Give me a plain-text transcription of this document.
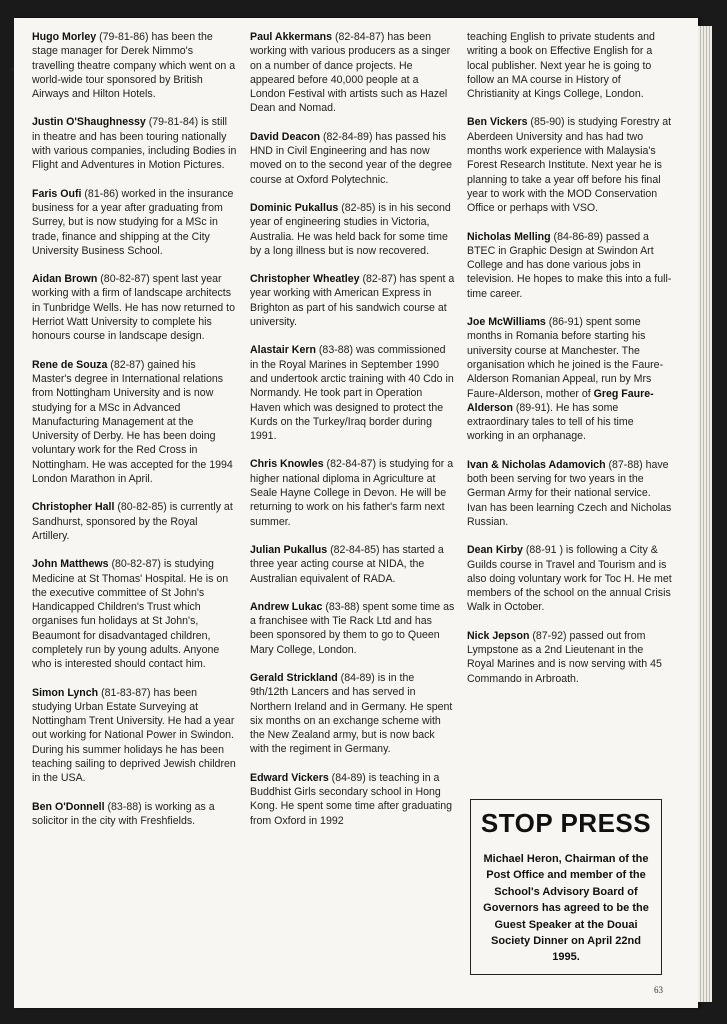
Hugo Morley (79-81-86) has been the stage manager for Derek Nimmo's travelling theatre company which went on a world-wide tour sponsored by British Airways and Hilton Hotels.

Justin O'Shaughnessy (79-81-84) is still in theatre and has been touring nationally with various companies, including Bodies in Flight and Adventures in Motion Pictures.

Faris Oufi (81-86) worked in the insurance business for a year after graduating from Surrey, but is now studying for a MSc in trade, finance and shipping at the City University Business School.

Aidan Brown (80-82-87) spent last year working with a firm of landscape architects in Tunbridge Wells. He has now returned to Herriot Watt University to complete his honours course in landscape design.

Rene de Souza (82-87) gained his Master's degree in International relations from Nottingham University and is now studying for a MSc in Advanced Manufacturing Management at the University of Derby. He has been doing voluntary work for the Red Cross in Nottingham. He was accepted for the 1994 London Marathon in April.

Christopher Hall (80-82-85) is currently at Sandhurst, sponsored by the Royal Artillery.

John Matthews (80-82-87) is studying Medicine at St Thomas' Hospital. He is on the executive committee of St John's Handicapped Children's Trust which organises fun holidays at St John's, Beaumont for disadvantaged children, completely run by young adults. Anyone who is interested should contact him.

Simon Lynch (81-83-87) has been studying Urban Estate Surveying at Nottingham Trent University. He had a year out working for National Power in Swindon. During his summer holidays he has been teaching sailing to deprived Jewish children in the USA.

Ben O'Donnell (83-88) is working as a solicitor in the city with Freshfields.

Paul Akkermans (82-84-87) has been working with various producers as a singer on a number of dance projects. He appeared before 40,000 people at a London Festival with artists such as Hazel Dean and Nomad.

David Deacon (82-84-89) has passed his HND in Civil Engineering and has now moved on to the second year of the degree course at Oxford Polytechnic.

Dominic Pukallus (82-85) is in his second year of engineering studies in Victoria, Australia. He was held back for some time by a long illness but is now recovered.

Christopher Wheatley (82-87) has spent a year working with American Express in Brighton as part of his sandwich course at university.

Alastair Kern (83-88) was commissioned in the Royal Marines in September 1990 and undertook arctic training with 40 Cdo in Normandy. He took part in Operation Haven which was designed to protect the Kurds on the Turkey/Iraq border during 1991.

Chris Knowles (82-84-87) is studying for a higher national diploma in Agriculture at Seale Hayne College in Devon. He will be returning to work on his father's farm next summer.

Julian Pukallus (82-84-85) has started a three year acting course at NIDA, the Australian equivalent of RADA.

Andrew Lukac (83-88) spent some time as a franchisee with Tie Rack Ltd and has been sponsored by them to go to Queen Mary College, London.

Gerald Strickland (84-89) is in the 9th/12th Lancers and has served in Northern Ireland and in Germany. He spent six months on an exchange scheme with the New Zealand army, but is now back with the regiment in Germany.

Edward Vickers (84-89) is teaching in a Buddhist Girls secondary school in Hong Kong. He spent some time after graduating from Oxford in 1992

teaching English to private students and writing a book on Effective English for a local publisher. Next year he is going to follow an MA course in History of Christianity at Kings College, London.

Ben Vickers (85-90) is studying Forestry at Aberdeen University and has had two months work experience with Malaysia's Forest Research Institute. Next year he is planning to take a year off before his final year to work with the MOD Conservation Office or perhaps with VSO.

Nicholas Melling (84-86-89) passed a BTEC in Graphic Design at Swindon Art College and has done various jobs in television. He hopes to make this into a full-time career.

Joe McWilliams (86-91) spent some months in Romania before starting his university course at Manchester. The organisation which he joined is the Faure-Alderson Romanian Appeal, run by Mrs Faure-Alderson, mother of Greg Faure-Alderson (89-91). He has some extraordinary tales to tell of his time working in an orphanage.

Ivan & Nicholas Adamovich (87-88) have both been serving for two years in the German Army for their national service. Ivan has been learning Czech and Nicholas Russian.

Dean Kirby (88-91 ) is following a City & Guilds course in Travel and Tourism and is also doing voluntary work for Toc H. He met members of the school on the annual Crisis Walk in October.

Nick Jepson (87-92) passed out from Lympstone as a 2nd Lieutenant in the Royal Marines and is now serving with 45 Commando in Arbroath.

STOP PRESS
Michael Heron, Chairman of the Post Office and member of the School's Advisory Board of Governors has agreed to be the Guest Speaker at the Douai Society Dinner on April 22nd 1995.
63
